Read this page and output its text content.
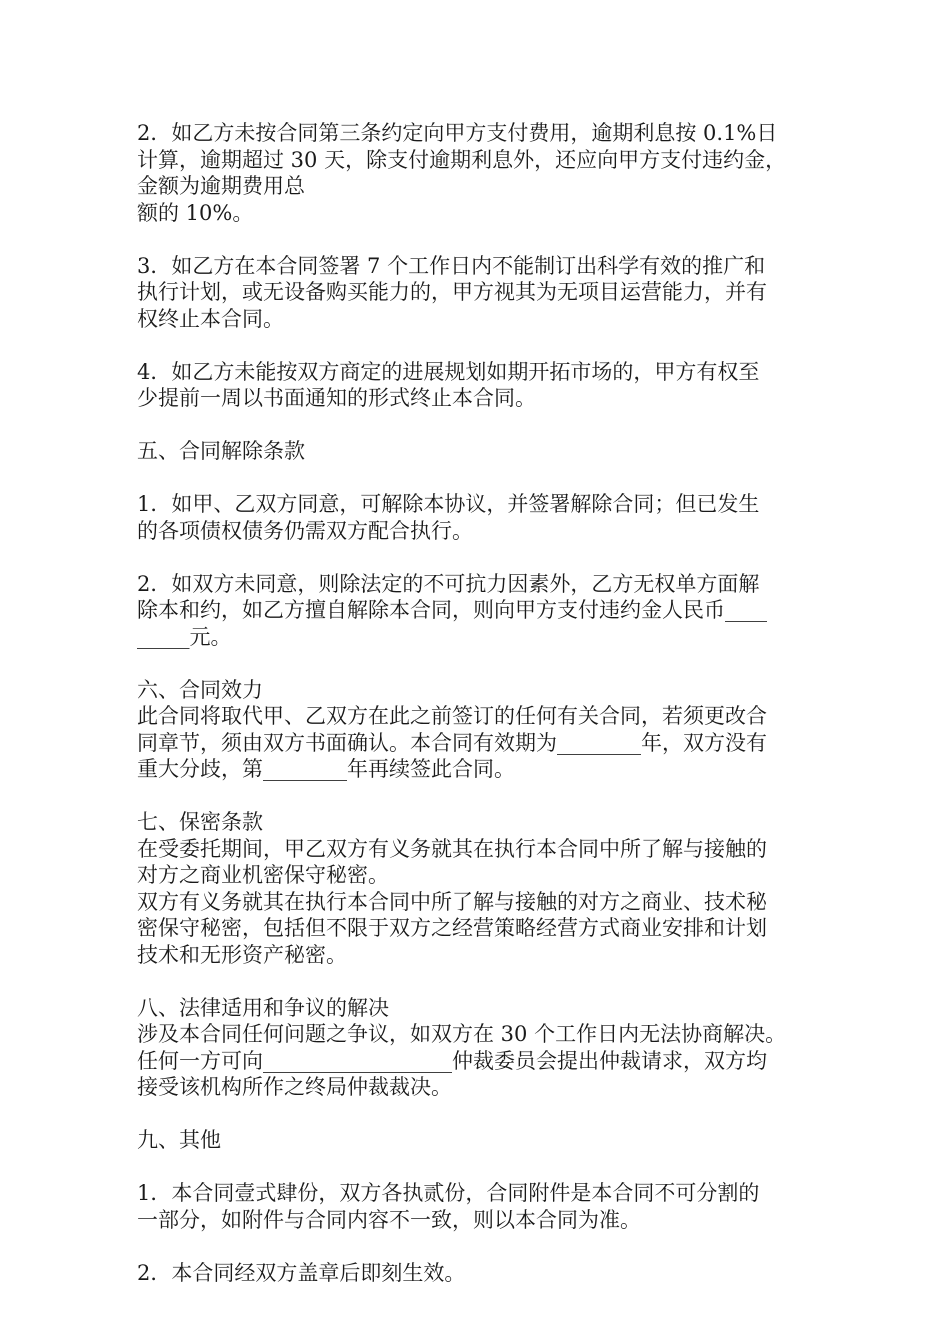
2．如乙方未按合同第三条约定向甲方支付费用，逾期利息按 0.1%日
计算，逾期超过 30 天，除支付逾期利息外，还应向甲方支付违约金，
金额为逾期费用总
额的 10%。
3．如乙方在本合同签署 7 个工作日内不能制订出科学有效的推广和
执行计划，或无设备购买能力的，甲方视其为无项目运营能力，并有
权终止本合同。
4．如乙方未能按双方商定的进展规划如期开拓市场的，甲方有权至
少提前一周以书面通知的形式终止本合同。
五、合同解除条款
1．如甲、乙双方同意，可解除本协议，并签署解除合同；但已发生
的各项债权债务仍需双方配合执行。
2．如双方未同意，则除法定的不可抗力因素外，乙方无权单方面解
除本和约，如乙方擅自解除本合同，则向甲方支付违约金人民币____
_____元。
六、合同效力
此合同将取代甲、乙双方在此之前签订的任何有关合同，若须更改合
同章节，须由双方书面确认。本合同有效期为________年，双方没有
重大分歧，第________年再续签此合同。
七、保密条款
在受委托期间，甲乙双方有义务就其在执行本合同中所了解与接触的
对方之商业机密保守秘密。
双方有义务就其在执行本合同中所了解与接触的对方之商业、技术秘
密保守秘密，包括但不限于双方之经营策略经营方式商业安排和计划
技术和无形资产秘密。
八、法律适用和争议的解决
涉及本合同任何问题之争议，如双方在 30 个工作日内无法协商解决。
任何一方可向__________________仲裁委员会提出仲裁请求，双方均
接受该机构所作之终局仲裁裁决。
九、其他
1．本合同壹式肆份，双方各执贰份，合同附件是本合同不可分割的
一部分，如附件与合同内容不一致，则以本合同为准。
2．本合同经双方盖章后即刻生效。
